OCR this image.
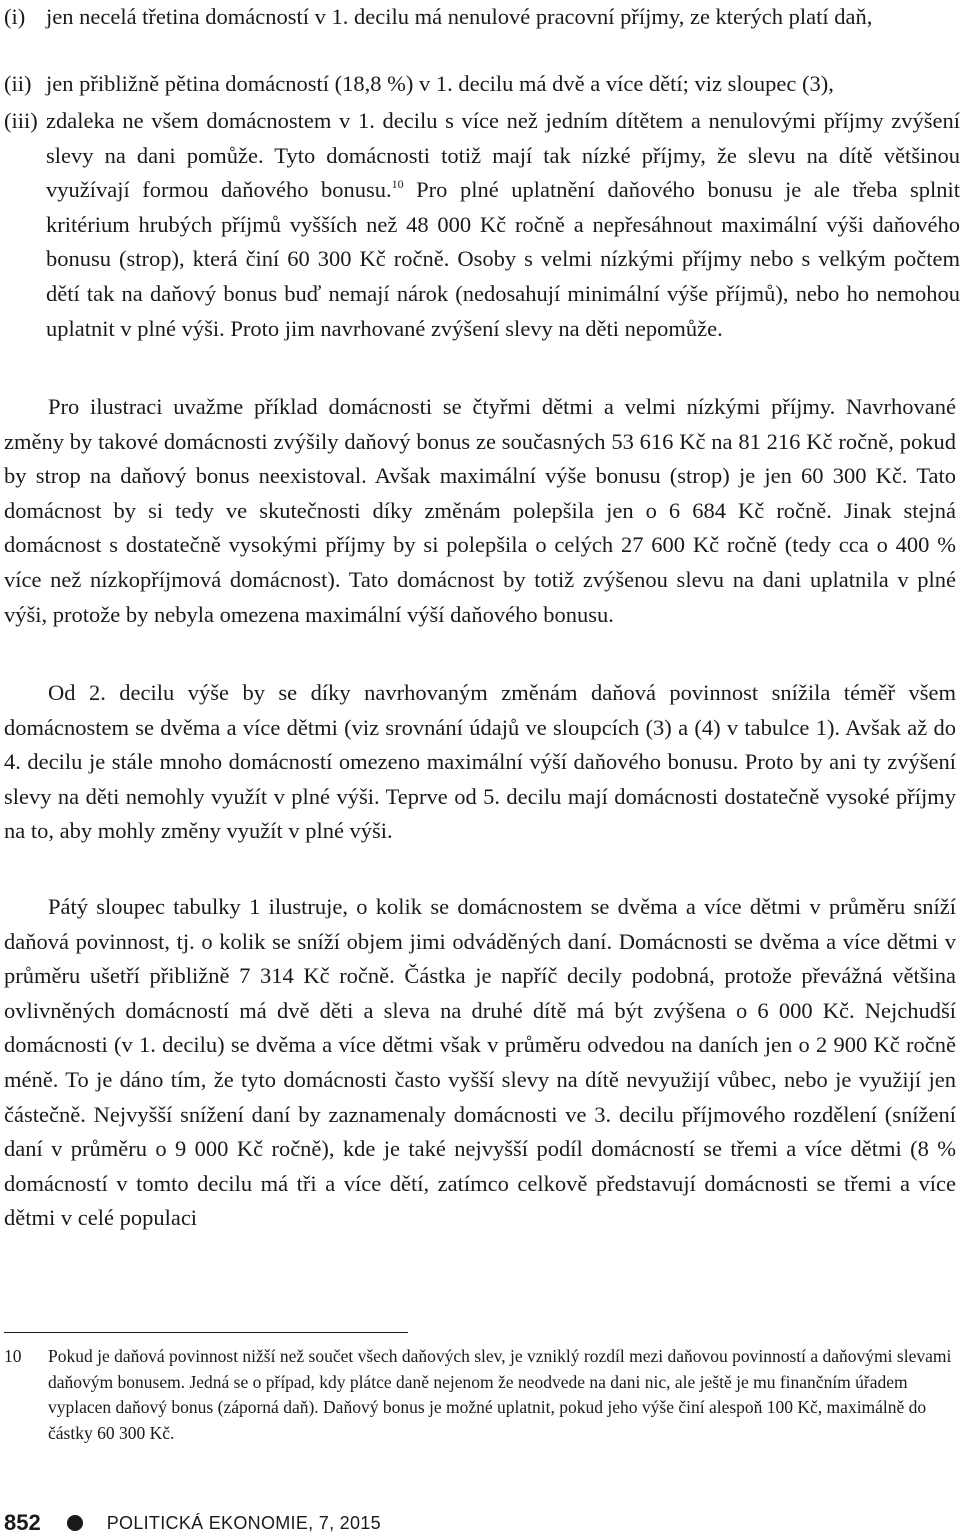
(i) jen necelá třetina domácností v 1. decilu má nenulové pracovní příjmy, ze kterých platí daň,
(ii) jen přibližně pětina domácností (18,8 %) v 1. decilu má dvě a více dětí; viz sloupec (3),
(iii) zdaleka ne všem domácnostem v 1. decilu s více než jedním dítětem a nenulovými příjmy zvýšení slevy na dani pomůže. Tyto domácnosti totiž mají tak nízké příjmy, že slevu na dítě většinou využívají formou daňového bonusu.$^{10}$ Pro plné uplatnění daňového bonusu je ale třeba splnit kritérium hrubých příjmů vyšších než 48 000 Kč ročně a nepřesáhnout maximální výši daňového bonusu (strop), která činí 60 300 Kč ročně. Osoby s velmi nízkými příjmy nebo s velkým počtem dětí tak na daňový bonus buď nemají nárok (nedosahují minimální výše příjmů), nebo ho nemohou uplatnit v plné výši. Proto jim navrhované zvýšení slevy na děti nepomůže.

Pro ilustraci uvažme příklad domácnosti se čtyřmi dětmi a velmi nízkými příjmy. Navrhované změny by takové domácnosti zvýšily daňový bonus ze současných 53 616 Kč na 81 216 Kč ročně, pokud by strop na daňový bonus neexistoval. Avšak maximální výše bonusu (strop) je jen 60 300 Kč. Tato domácnost by si tedy ve skutečnosti díky změnám polepšila jen o 6 684 Kč ročně. Jinak stejná domácnost s dostatečně vysokými příjmy by si polepšila o celých 27 600 Kč ročně (tedy cca o 400 % více než nízkopříjmová domácnost). Tato domácnost by totiž zvýšenou slevu na dani uplatnila v plné výši, protože by nebyla omezena maximální výší daňového bonusu.

Od 2. decilu výše by se díky navrhovaným změnám daňová povinnost snížila téměř všem domácnostem se dvěma a více dětmi (viz srovnání údajů ve sloupcích (3) a (4) v tabulce 1). Avšak až do 4. decilu je stále mnoho domácností omezeno maximální výší daňového bonusu. Proto by ani ty zvýšení slevy na děti nemohly využít v plné výši. Teprve od 5. decilu mají domácnosti dostatečně vysoké příjmy na to, aby mohly změny využít v plné výši.

Pátý sloupec tabulky 1 ilustruje, o kolik se domácnostem se dvěma a více dětmi v průměru sníží daňová povinnost, tj. o kolik se sníží objem jimi odváděných daní. Domácnosti se dvěma a více dětmi v průměru ušetří přibližně 7 314 Kč ročně. Částka je napříč decily podobná, protože převážná většina ovlivněných domácností má dvě děti a sleva na druhé dítě má být zvýšena o 6 000 Kč. Nejchudší domácnosti (v 1. decilu) se dvěma a více dětmi však v průměru odvedou na daních jen o 2 900 Kč ročně méně. To je dáno tím, že tyto domácnosti často vyšší slevy na dítě nevyužijí vůbec, nebo je využijí jen částečně. Nejvyšší snížení daní by zaznamenaly domácnosti ve 3. decilu příjmového rozdělení (snížení daní v průměru o 9 000 Kč ročně), kde je také nejvyšší podíl domácností se třemi a více dětmi (8 % domácností v tomto decilu má tři a více dětí, zatímco celkově představují domácnosti se třemi a více dětmi v celé populaci

10 Pokud je daňová povinnost nižší než součet všech daňových slev, je vzniklý rozdíl mezi daňovou povinností a daňovými slevami daňovým bonusem. Jedná se o případ, kdy plátce daně nejenom že neodvede na dani nic, ale ještě je mu finančním úřadem vyplacen daňový bonus (záporná daň). Daňový bonus je možné uplatnit, pokud jeho výše činí alespoň 100 Kč, maximálně do částky 60 300 Kč.
852	POLITICKÁ EKONOMIE, 7, 2015
